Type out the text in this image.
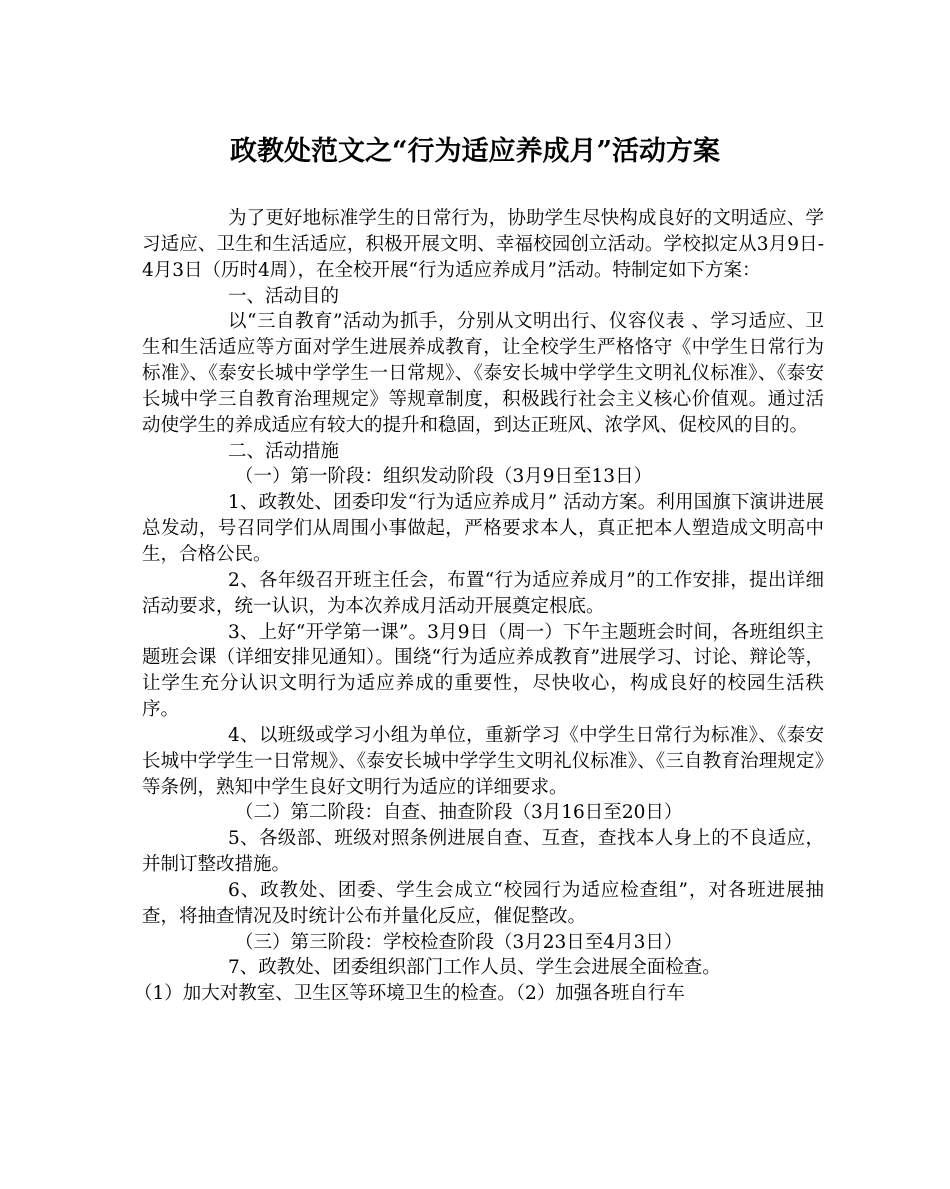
政教处范文之“行为适应养成月”活动方案

为了更好地标准学生的日常行为，协助学生尽快构成良好的文明适应、学习适应、卫生和生活适应，积极开展文明、幸福校园创立活动。学校拟定从3月9日-4月3日（历时4周），在全校开展“行为适应养成月”活动。特制定如下方案：

一、活动目的

以“三自教育”活动为抓手，分别从文明出行、仪容仪表 、学习适应、卫生和生活适应等方面对学生进展养成教育，让全校学生严格恪守《中学生日常行为标准》、《泰安长城中学学生一日常规》、《泰安长城中学学生文明礼仪标准》、《泰安长城中学三自教育治理规定》等规章制度，积极践行社会主义核心价值观。通过活动使学生的养成适应有较大的提升和稳固，到达正班风、浓学风、促校风的目的。

二、活动措施

（一）第一阶段：组织发动阶段（3月9日至13日）

1、政教处、团委印发“行为适应养成月” 活动方案。利用国旗下演讲进展总发动，号召同学们从周围小事做起，严格要求本人，真正把本人塑造成文明高中生，合格公民。

2、各年级召开班主任会，布置“行为适应养成月”的工作安排，提出详细活动要求，统一认识，为本次养成月活动开展奠定根底。

3、上好“开学第一课”。3月9日（周一）下午主题班会时间，各班组织主题班会课（详细安排见通知）。围绕“行为适应养成教育”进展学习、讨论、辩论等，让学生充分认识文明行为适应养成的重要性，尽快收心，构成良好的校园生活秩序。

4、以班级或学习小组为单位，重新学习《中学生日常行为标准》、《泰安长城中学学生一日常规》、《泰安长城中学学生文明礼仪标准》、《三自教育治理规定》等条例，熟知中学生良好文明行为适应的详细要求。

（二）第二阶段：自查、抽查阶段（3月16日至20日）

5、各级部、班级对照条例进展自查、互查，查找本人身上的不良适应，并制订整改措施。

6、政教处、团委、学生会成立“校园行为适应检查组”，对各班进展抽查，将抽查情况及时统计公布并量化反应，催促整改。

（三）第三阶段：学校检查阶段（3月23日至4月3日）

7、政教处、团委组织部门工作人员、学生会进展全面检查。

（1）加大对教室、卫生区等环境卫生的检查。（2）加强各班自行车
